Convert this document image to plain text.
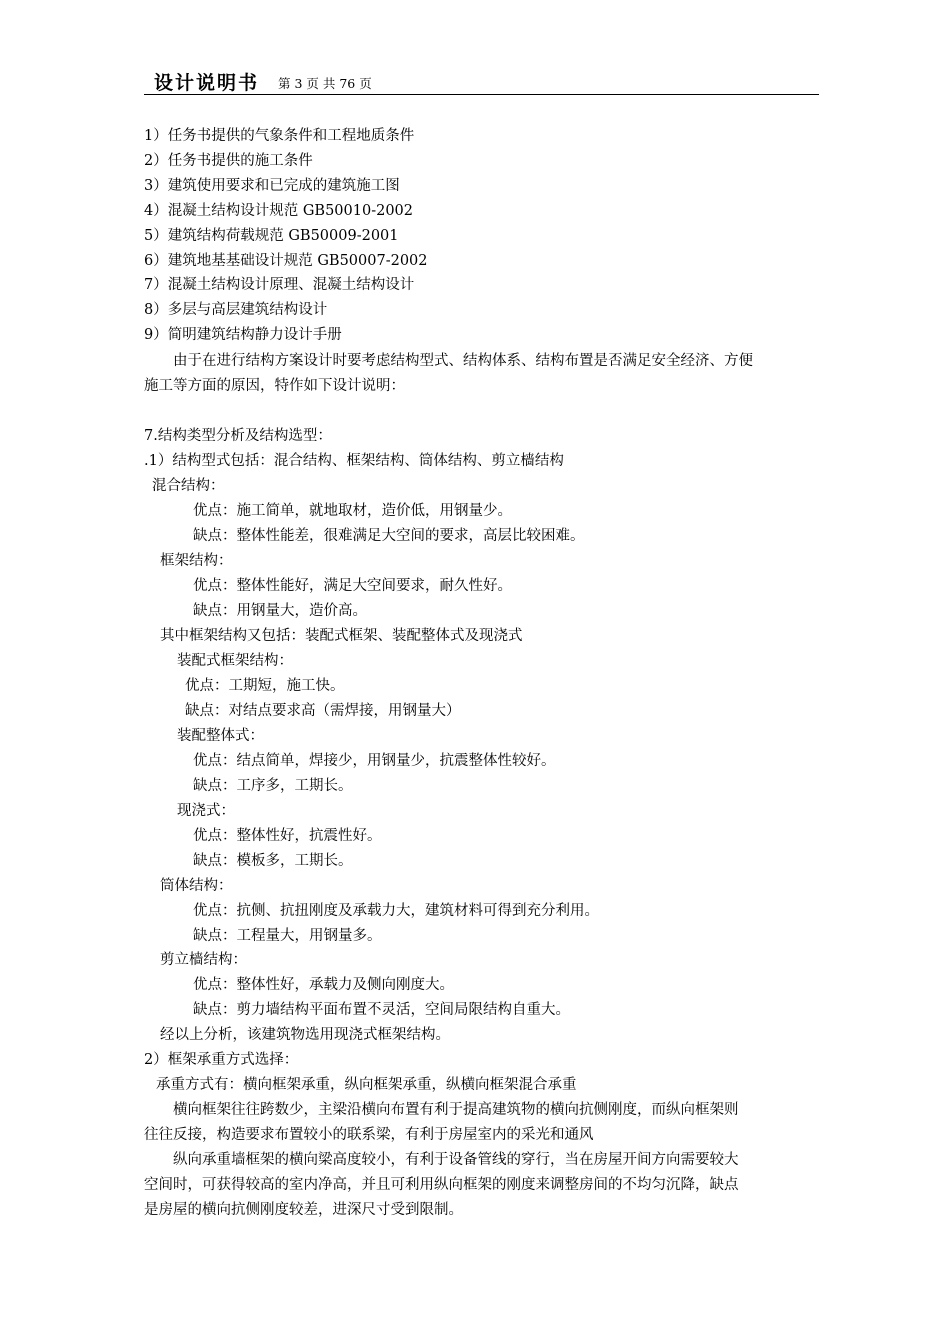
设计说明书 第 3 页 共 76 页
1）任务书提供的气象条件和工程地质条件
2）任务书提供的施工条件
3）建筑使用要求和已完成的建筑施工图
4）混凝土结构设计规范 GB50010-2002
5）建筑结构荷载规范 GB50009-2001
6）建筑地基基础设计规范 GB50007-2002
7）混凝土结构设计原理、混凝土结构设计
8）多层与高层建筑结构设计
9）简明建筑结构静力设计手册
由于在进行结构方案设计时要考虑结构型式、结构体系、结构布置是否满足安全经济、方便
施工等方面的原因，特作如下设计说明：
7.结构类型分析及结构选型：
.1）结构型式包括：混合结构、框架结构、筒体结构、剪立樯结构
混合结构：
优点：施工简单，就地取材，造价低，用钢量少。
缺点：整体性能差，很难满足大空间的要求，高层比较困难。
框架结构：
优点：整体性能好，满足大空间要求，耐久性好。
缺点：用钢量大，造价高。
其中框架结构又包括：装配式框架、装配整体式及现浇式
装配式框架结构：
优点：工期短，施工快。
缺点：对结点要求高（需焊接，用钢量大）
装配整体式：
优点：结点简单，焊接少，用钢量少，抗震整体性较好。
缺点：工序多，工期长。
现浇式：
优点：整体性好，抗震性好。
缺点：模板多，工期长。
筒体结构：
优点：抗侧、抗扭刚度及承载力大，建筑材料可得到充分利用。
缺点：工程量大，用钢量多。
剪立樯结构：
优点：整体性好，承载力及侧向刚度大。
缺点：剪力墙结构平面布置不灵活，空间局限结构自重大。
经以上分析，该建筑物选用现浇式框架结构。
2）框架承重方式选择：
承重方式有：横向框架承重，纵向框架承重，纵横向框架混合承重
横向框架往往跨数少，主梁沿横向布置有利于提高建筑物的横向抗侧刚度，而纵向框架则
往往反接，构造要求布置较小的联系梁，有利于房屋室内的采光和通风
纵向承重墙框架的横向梁高度较小，有利于设备管线的穿行，当在房屋开间方向需要较大
空间时，可获得较高的室内净高，并且可利用纵向框架的刚度来调整房间的不均匀沉降，缺点
是房屋的横向抗侧刚度较差，进深尺寸受到限制。
